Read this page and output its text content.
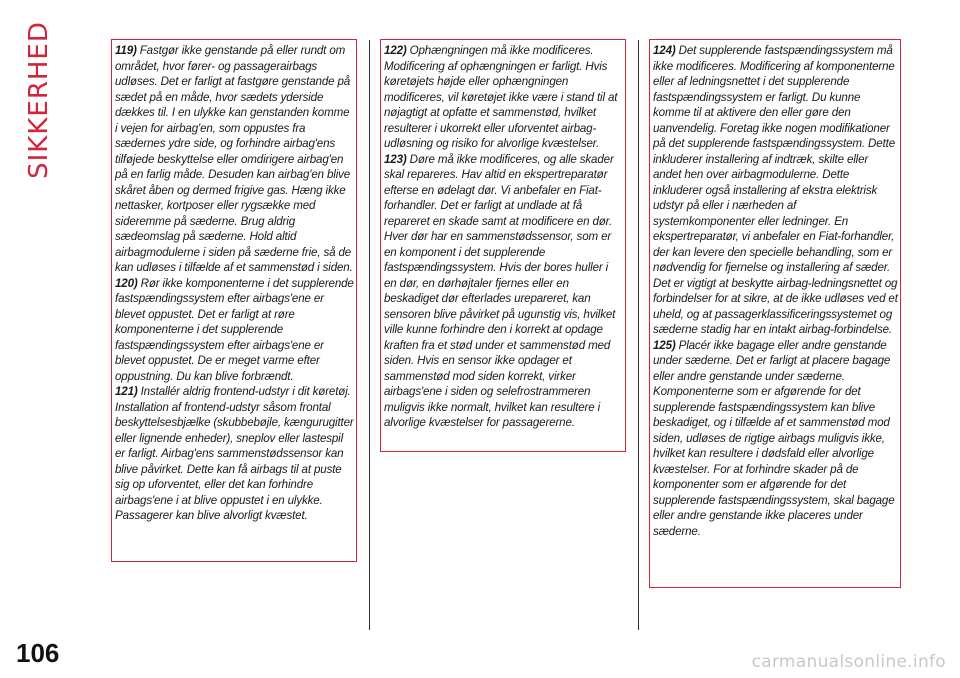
SIKKERHED
106

119) Fastgør ikke genstande på eller rundt om området, hvor fører- og passagerairbags udløses. Det er farligt at fastgøre genstande på sædet på en måde, hvor sædets yderside dækkes til. I en ulykke kan genstanden komme i vejen for airbag'en, som oppustes fra sædernes ydre side, og forhindre airbag'ens tilføjede beskyttelse eller omdirigere airbag'en på en farlig måde. Desuden kan airbag'en blive skåret åben og dermed frigive gas. Hæng ikke nettasker, kortposer eller rygsække med sideremme på sæderne. Brug aldrig sædeomslag på sæderne. Hold altid airbagmodulerne i siden på sæderne frie, så de kan udløses i tilfælde af et sammenstød i siden.

120) Rør ikke komponenterne i det supplerende fastspændingssystem efter airbags'ene er blevet oppustet. Det er farligt at røre komponenterne i det supplerende fastspændingssystem efter airbags'ene er blevet oppustet. De er meget varme efter oppustning. Du kan blive forbrændt.

121) Installér aldrig frontend-udstyr i dit køretøj. Installation af frontend-udstyr såsom frontal beskyttelsesbjælke (skubbebøjle, kængurugitter eller lignende enheder), sneplov eller lastespil er farligt. Airbag'ens sammenstødssensor kan blive påvirket. Dette kan få airbags til at puste sig op uforventet, eller det kan forhindre airbags'ene i at blive oppustet i en ulykke. Passagerer kan blive alvorligt kvæstet.

122) Ophængningen må ikke modificeres. Modificering af ophængningen er farligt. Hvis køretøjets højde eller ophængningen modificeres, vil køretøjet ikke være i stand til at nøjagtigt at opfatte et sammenstød, hvilket resulterer i ukorrekt eller uforventet airbag-udløsning og risiko for alvorlige kvæstelser.

123) Døre må ikke modificeres, og alle skader skal repareres. Hav altid en ekspertreparatør efterse en ødelagt dør. Vi anbefaler en Fiat-forhandler. Det er farligt at undlade at få repareret en skade samt at modificere en dør. Hver dør har en sammenstødssensor, som er en komponent i det supplerende fastspændingssystem. Hvis der bores huller i en dør, en dørhøjtaler fjernes eller en beskadiget dør efterlades urepareret, kan sensoren blive påvirket på ugunstig vis, hvilket ville kunne forhindre den i korrekt at opdage kraften fra et stød under et sammenstød med siden. Hvis en sensor ikke opdager et sammenstød mod siden korrekt, virker airbags'ene i siden og selefrostrammeren muligvis ikke normalt, hvilket kan resultere i alvorlige kvæstelser for passagererne.

124) Det supplerende fastspændingssystem må ikke modificeres. Modificering af komponenterne eller af ledningsnettet i det supplerende fastspændingssystem er farligt. Du kunne komme til at aktivere den eller gøre den uanvendelig. Foretag ikke nogen modifikationer på det supplerende fastspændingssystem. Dette inkluderer installering af indtræk, skilte eller andet hen over airbagmodulerne. Dette inkluderer også installering af ekstra elektrisk udstyr på eller i nærheden af systemkomponenter eller ledninger. En ekspertreparatør, vi anbefaler en Fiat-forhandler, der kan levere den specielle behandling, som er nødvendig for fjernelse og installering af sæder. Det er vigtigt at beskytte airbag-ledningsnettet og forbindelser for at sikre, at de ikke udløses ved et uheld, og at passagerklassificeringssystemet og sæderne stadig har en intakt airbag-forbindelse.

125) Placér ikke bagage eller andre genstande under sæderne. Det er farligt at placere bagage eller andre genstande under sæderne. Komponenterne som er afgørende for det supplerende fastspændingssystem kan blive beskadiget, og i tilfælde af et sammenstød mod siden, udløses de rigtige airbags muligvis ikke, hvilket kan resultere i dødsfald eller alvorlige kvæstelser. For at forhindre skader på de komponenter som er afgørende for det supplerende fastspændingssystem, skal bagage eller andre genstande ikke placeres under sæderne.

carmanualsonline.info
